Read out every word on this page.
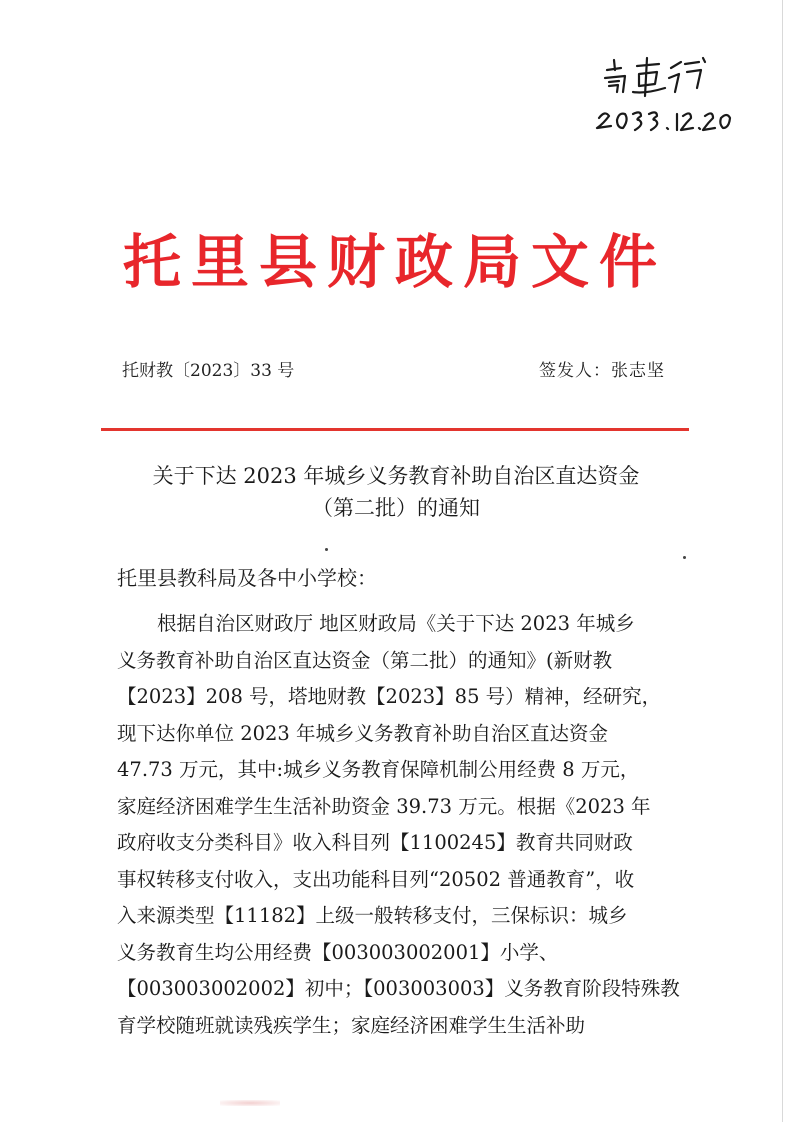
托里县财政局文件
托财教〔2023〕33 号	签发人：张志坚
关于下达 2023 年城乡义务教育补助自治区直达资金
（第二批）的通知
托里县教科局及各中小学校：
根据自治区财政厅 地区财政局《关于下达 2023 年城乡
义务教育补助自治区直达资金（第二批）的通知》(新财教
【2023】208 号，塔地财教【2023】85 号）精神，经研究，
现下达你单位 2023 年城乡义务教育补助自治区直达资金
47.73 万元，其中:城乡义务教育保障机制公用经费 8 万元，
家庭经济困难学生生活补助资金 39.73 万元。根据《2023 年
政府收支分类科目》收入科目列【1100245】教育共同财政
事权转移支付收入，支出功能科目列“20502 普通教育”，收
入来源类型【11182】上级一般转移支付，三保标识：城乡
义务教育生均公用经费【003003002001】小学、
【003003002002】初中；【003003003】义务教育阶段特殊教
育学校随班就读残疾学生；家庭经济困难学生生活补助
